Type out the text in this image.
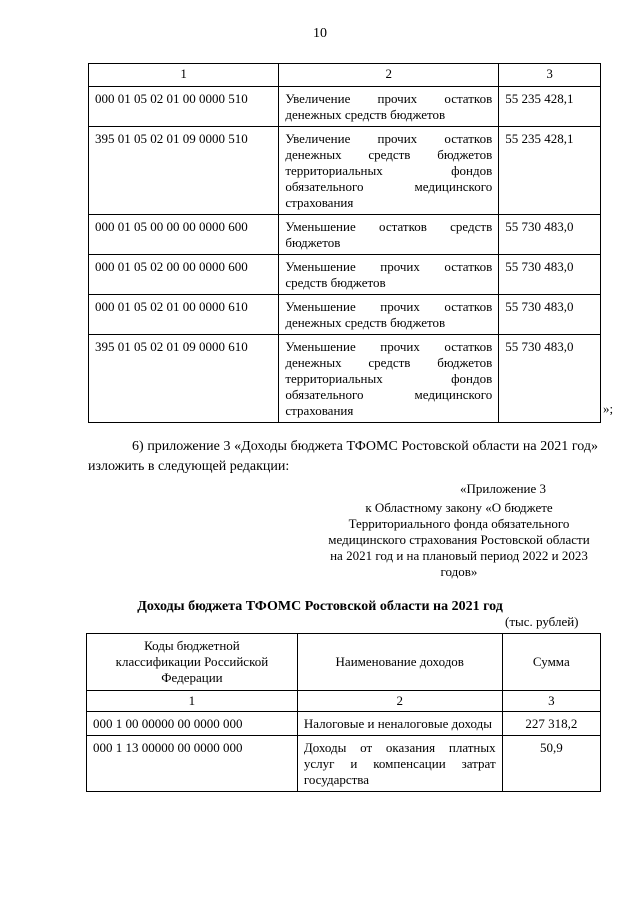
10
1	2	3
000 01 05 02 01 00 0000 510	Увеличение прочих остатков денежных средств бюджетов	55 235 428,1
395 01 05 02 01 09 0000 510	Увеличение прочих остатков денежных средств бюджетов территориальных фондов обязательного медицинского страхования	55 235 428,1
000 01 05 00 00 00 0000 600	Уменьшение остатков средств бюджетов	55 730 483,0
000 01 05 02 00 00 0000 600	Уменьшение прочих остатков средств бюджетов	55 730 483,0
000 01 05 02 01 00 0000 610	Уменьшение прочих остатков денежных средств бюджетов	55 730 483,0
395 01 05 02 01 09 0000 610	Уменьшение прочих остатков денежных средств бюджетов территориальных фондов обязательного медицинского страхования	55 730 483,0
»;
6) приложение 3 «Доходы бюджета ТФОМС Ростовской области на 2021 год» изложить в следующей редакции:
«Приложение 3
к Областному закону «О бюджете Территориального фонда обязательного медицинского страхования Ростовской области на 2021 год и на плановый период 2022 и 2023 годов»
Доходы бюджета ТФОМС Ростовской области на 2021 год
(тыс. рублей)
Коды бюджетной классификации Российской Федерации	Наименование доходов	Сумма
1	2	3
000 1 00 00000 00 0000 000	Налоговые и неналоговые доходы	227 318,2
000 1 13 00000 00 0000 000	Доходы от оказания платных услуг и компенсации затрат государства	50,9
